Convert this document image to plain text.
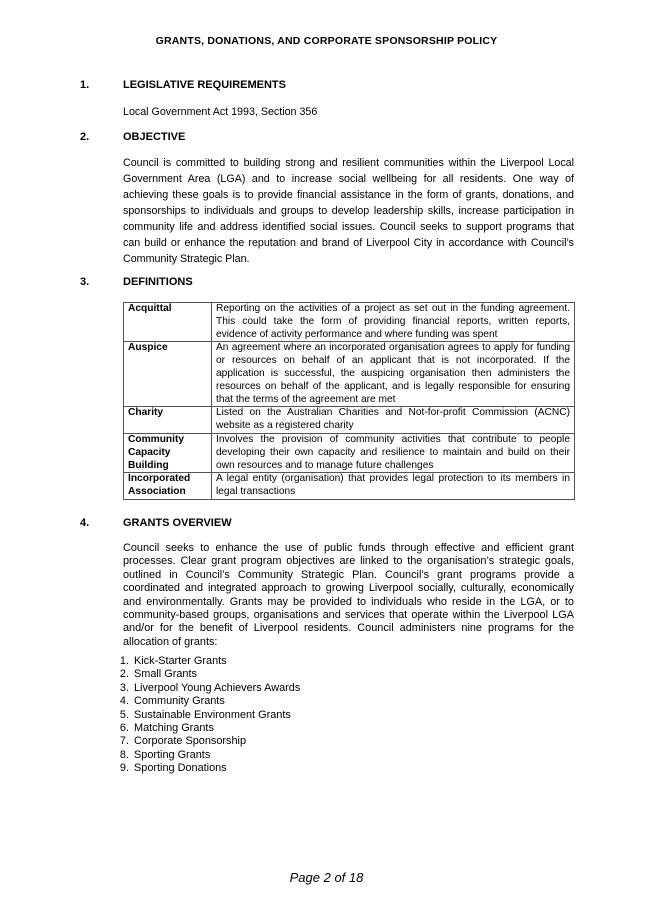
GRANTS, DONATIONS, AND CORPORATE SPONSORSHIP POLICY
1.	LEGISLATIVE REQUIREMENTS

Local Government Act 1993, Section 356

2.	OBJECTIVE

Council is committed to building strong and resilient communities within the Liverpool Local Government Area (LGA) and to increase social wellbeing for all residents. One way of achieving these goals is to provide financial assistance in the form of grants, donations, and sponsorships to individuals and groups to develop leadership skills, increase participation in community life and address identified social issues. Council seeks to support programs that can build or enhance the reputation and brand of Liverpool City in accordance with Council’s Community Strategic Plan.

3.	DEFINITIONS
Acquittal	Reporting on the activities of a project as set out in the funding agreement. This could take the form of providing financial reports, written reports, evidence of activity performance and where funding was spent
Auspice	An agreement where an incorporated organisation agrees to apply for funding or resources on behalf of an applicant that is not incorporated. If the application is successful, the auspicing organisation then administers the resources on behalf of the applicant, and is legally responsible for ensuring that the terms of the agreement are met
Charity	Listed on the Australian Charities and Not-for-profit Commission (ACNC) website as a registered charity
Community Capacity Building	Involves the provision of community activities that contribute to people developing their own capacity and resilience to maintain and build on their own resources and to manage future challenges
Incorporated Association	A legal entity (organisation) that provides legal protection to its members in legal transactions
4.	GRANTS OVERVIEW

Council seeks to enhance the use of public funds through effective and efficient grant processes. Clear grant program objectives are linked to the organisation’s strategic goals, outlined in Council’s Community Strategic Plan. Council’s grant programs provide a coordinated and integrated approach to growing Liverpool socially, culturally, economically and environmentally. Grants may be provided to individuals who reside in the LGA, or to community-based groups, organisations and services that operate within the Liverpool LGA and/or for the benefit of Liverpool residents. Council administers nine programs for the allocation of grants:

1. Kick-Starter Grants
2. Small Grants
3. Liverpool Young Achievers Awards
4. Community Grants
5. Sustainable Environment Grants
6. Matching Grants
7. Corporate Sponsorship
8. Sporting Grants
9. Sporting Donations
Page 2 of 18
